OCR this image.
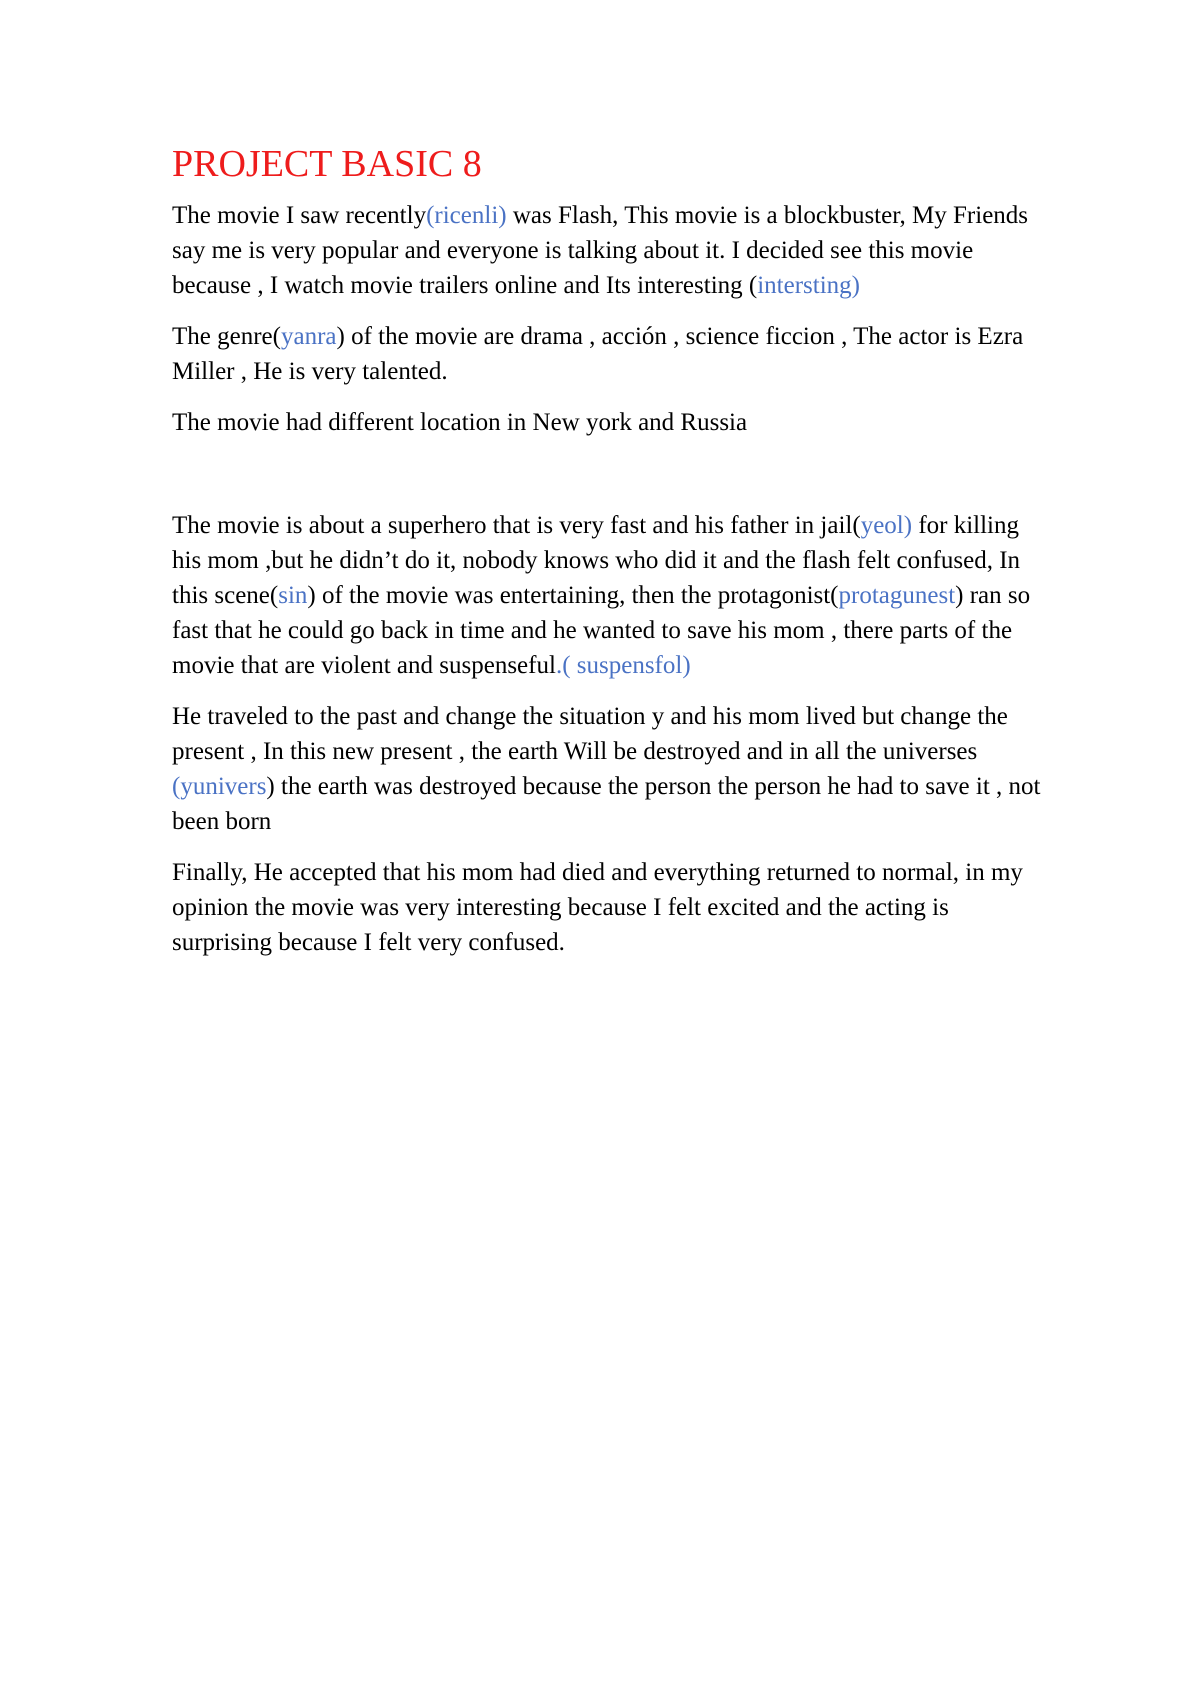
PROJECT BASIC 8

The movie I saw recently(ricenli) was Flash, This movie is a blockbuster, My Friends say me is very popular and everyone is talking about it. I decided see this movie because , I watch movie trailers online and Its interesting (intersting)

The genre(yanra) of the movie are drama , acción , science ficcion , The actor is Ezra Miller , He is very talented.

The movie had different location in New york and Russia

The movie is about a superhero that is very fast and his father in jail(yeol) for killing his mom ,but he didn’t do it, nobody knows who did it and the flash felt confused, In this scene(sin) of the movie was entertaining, then the protagonist(protagunest) ran so fast that he could go back in time and he wanted to save his mom , there parts of the movie that are violent and suspenseful.( suspensfol)

He traveled to the past and change the situation y and his mom lived but change the present , In this new present , the earth Will be destroyed and in all the universes (yunivers) the earth was destroyed because the person the person he had to save it , not been born

Finally, He accepted that his mom had died and everything returned to normal, in my opinion the movie was very interesting because I felt excited and the acting is surprising because I felt very confused.
